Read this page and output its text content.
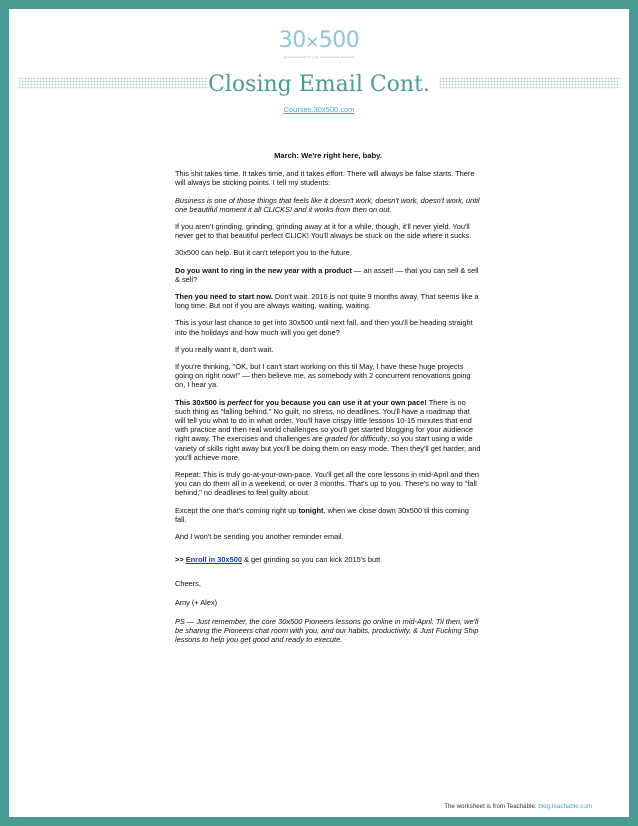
30×500
apprenticeship for your web/software business
Closing Email Cont.
Courses.30x500.com
March: We're right here, baby.

This shit takes time. It takes time, and it takes effort. There will always be false starts. There will always be sticking points. I tell my students:

Business is one of those things that feels like it doesn't work, doesn't work, doesn't work, until one beautiful moment it all CLICKS! and it works from then on out.

If you aren't grinding, grinding, grinding away at it for a while, though, it'll never yield. You'll never get to that beautiful perfect CLICK! You'll always be stuck on the side where it sucks.

30x500 can help. But it can't teleport you to the future.

Do you want to ring in the new year with a product — an asset! — that you can sell & sell & sell?

Then you need to start now. Don't wait. 2016 is not quite 9 months away. That seems like a long time. But not if you are always waiting, waiting, waiting.

This is your last chance to get into 30x500 until next fall, and then you'll be heading straight into the holidays and how much will you get done?

If you really want it, don't wait.

If you're thinking, "OK, but I can't start working on this til May, I have these huge projects going on right now!" — then believe me, as somebody with 2 concurrent renovations going on, I hear ya.

This 30x500 is perfect for you because you can use it at your own pace! There is no such thing as "falling behind." No guilt, no stress, no deadlines. You'll have a roadmap that will tell you what to do in what order. You'll have crispy little lessons 10-15 minutes that end with practice and then real world challenges so you'll get started blogging for your audience right away. The exercises and challenges are graded for difficulty, so you start using a wide variety of skills right away but you'll be doing them on easy mode. Then they'll get harder, and you'll achieve more.

Repeat: This is truly go-at-your-own-pace. You'll get all the core lessons in mid-April and then you can do them all in a weekend, or over 3 months. That's up to you. There's no way to "fall behind," no deadlines to feel guilty about.

Except the one that's coming right up tonight, when we close down 30x500 til this coming fall.

And I won't be sending you another reminder email.

>> Enroll in 30x500 & get grinding so you can kick 2015's butt

Cheers,

Amy (+ Alex)

PS — Just remember, the core 30x500 Pioneers lessons go online in mid-April. Til then, we'll be sharing the Pioneers chat room with you, and our habits, productivity, & Just Fucking Ship lessons to help you get good and ready to execute.

The worksheet is from Teachable: blog.teachable.com
